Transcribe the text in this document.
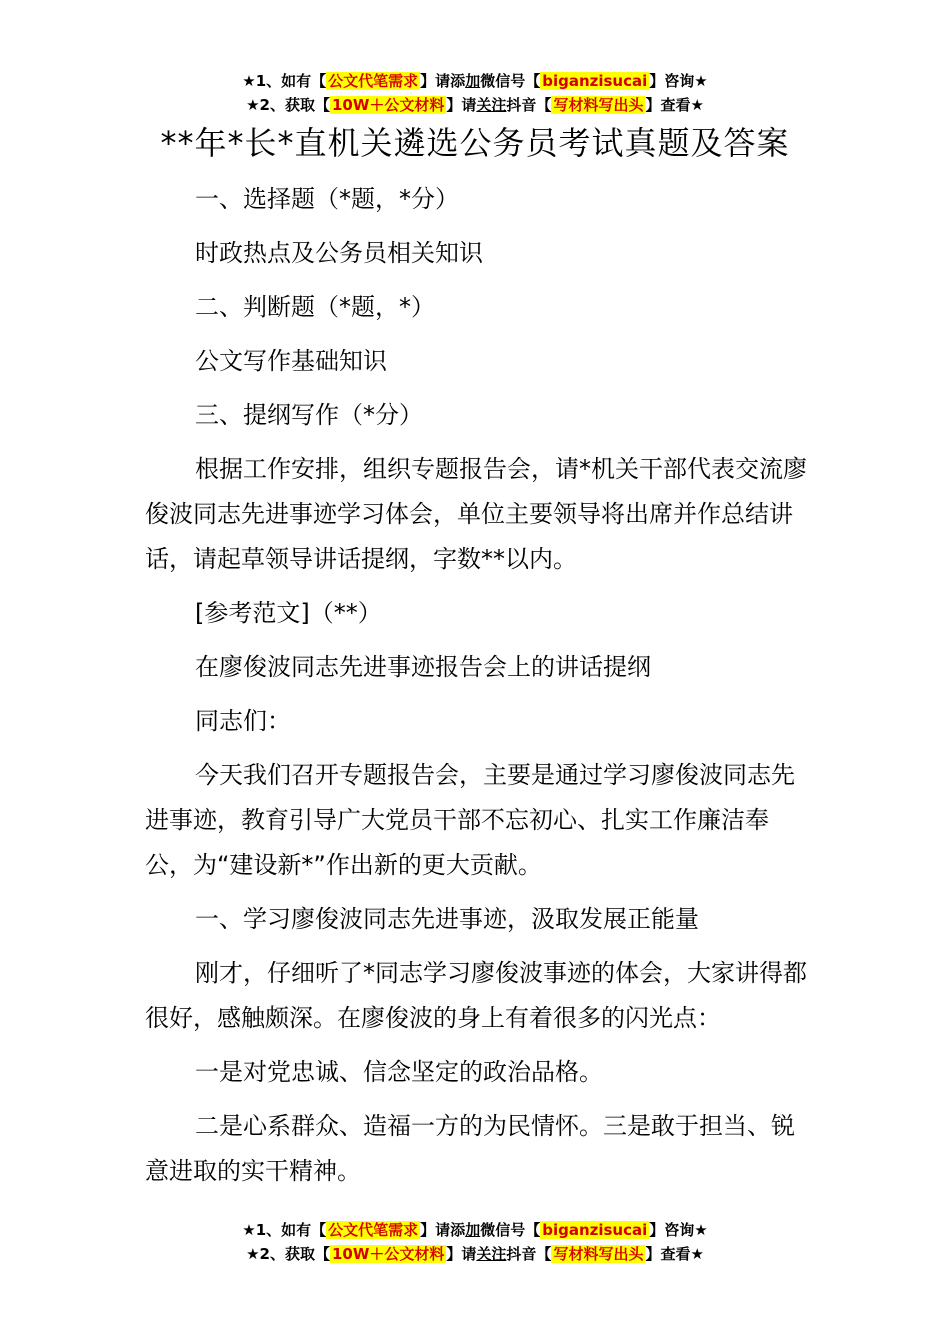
★1、如有【 公文代笔需求 】请添加微信号【 biganzisucai 】咨询★
★2、获取【 10W＋公文材料 】请关注抖音【 写材料写出头 】查看★
**年*长*直机关遴选公务员考试真题及答案

一、选择题（*题，*分）

时政热点及公务员相关知识

二、判断题（*题，*）

公文写作基础知识

三、提纲写作（*分）

根据工作安排，组织专题报告会，请*机关干部代表交流廖俊波同志先进事迹学习体会，单位主要领导将出席并作总结讲话，请起草领导讲话提纲，字数**以内。

[参考范文]（**）

在廖俊波同志先进事迹报告会上的讲话提纲

同志们：

今天我们召开专题报告会，主要是通过学习廖俊波同志先进事迹，教育引导广大党员干部不忘初心、扎实工作廉洁奉公，为“建设新*”作出新的更大贡献。

一、学习廖俊波同志先进事迹，汲取发展正能量

刚才，仔细听了*同志学习廖俊波事迹的体会，大家讲得都很好，感触颇深。在廖俊波的身上有着很多的闪光点：

一是对党忠诚、信念坚定的政治品格。

二是心系群众、造福一方的为民情怀。三是敢于担当、锐意进取的实干精神。

★1、如有【 公文代笔需求 】请添加微信号【 biganzisucai 】咨询★
★2、获取【 10W＋公文材料 】请关注抖音【 写材料写出头 】查看★
